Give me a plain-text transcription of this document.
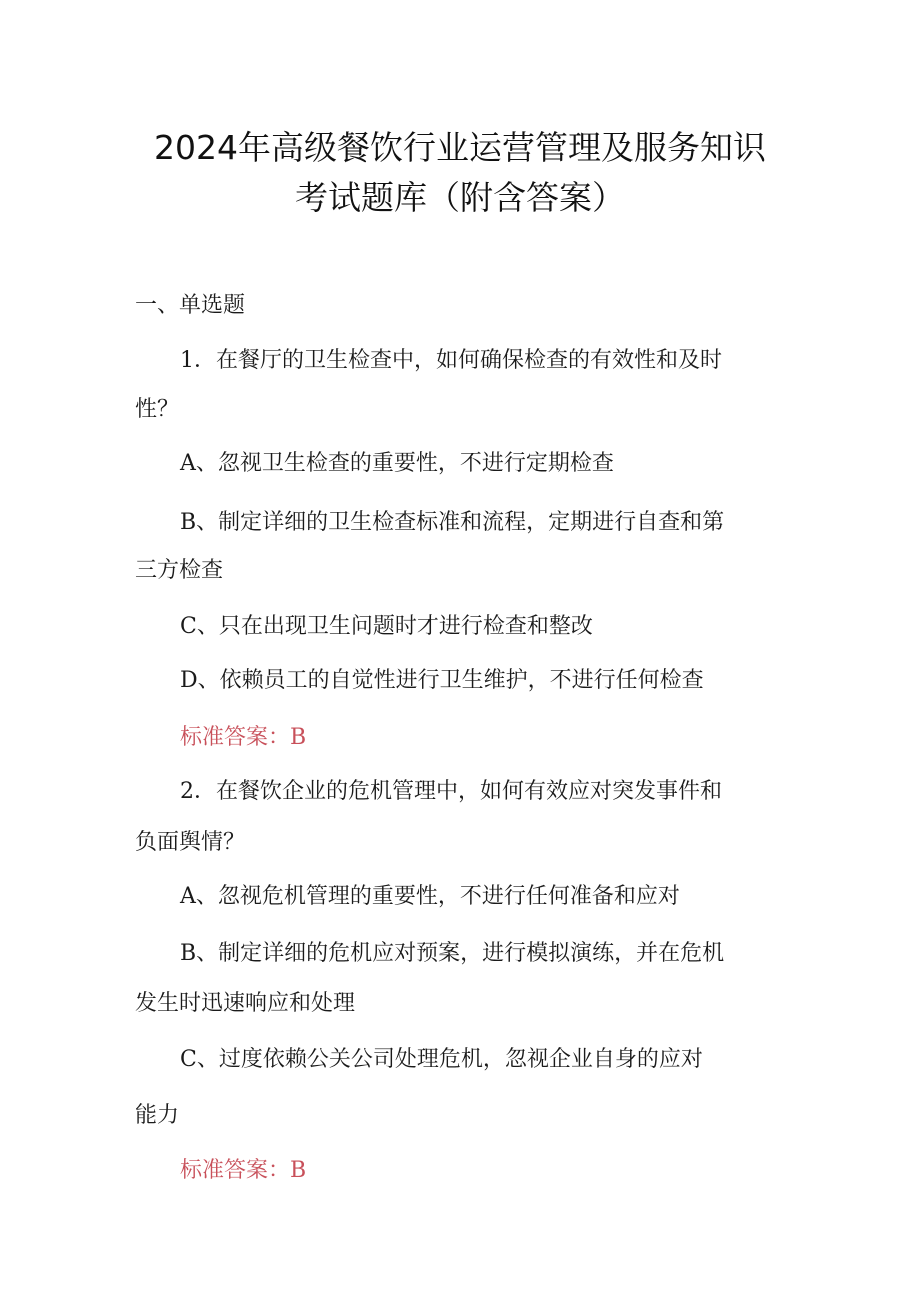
2024年高级餐饮行业运营管理及服务知识
考试题库（附含答案）
一、单选题
1．在餐厅的卫生检查中，如何确保检查的有效性和及时
性？
A、忽视卫生检查的重要性，不进行定期检查
B、制定详细的卫生检查标准和流程，定期进行自查和第
三方检查
C、只在出现卫生问题时才进行检查和整改
D、依赖员工的自觉性进行卫生维护，不进行任何检查
标准答案：B
2．在餐饮企业的危机管理中，如何有效应对突发事件和
负面舆情？
A、忽视危机管理的重要性，不进行任何准备和应对
B、制定详细的危机应对预案，进行模拟演练，并在危机
发生时迅速响应和处理
C、过度依赖公关公司处理危机，忽视企业自身的应对
能力
标准答案：B
